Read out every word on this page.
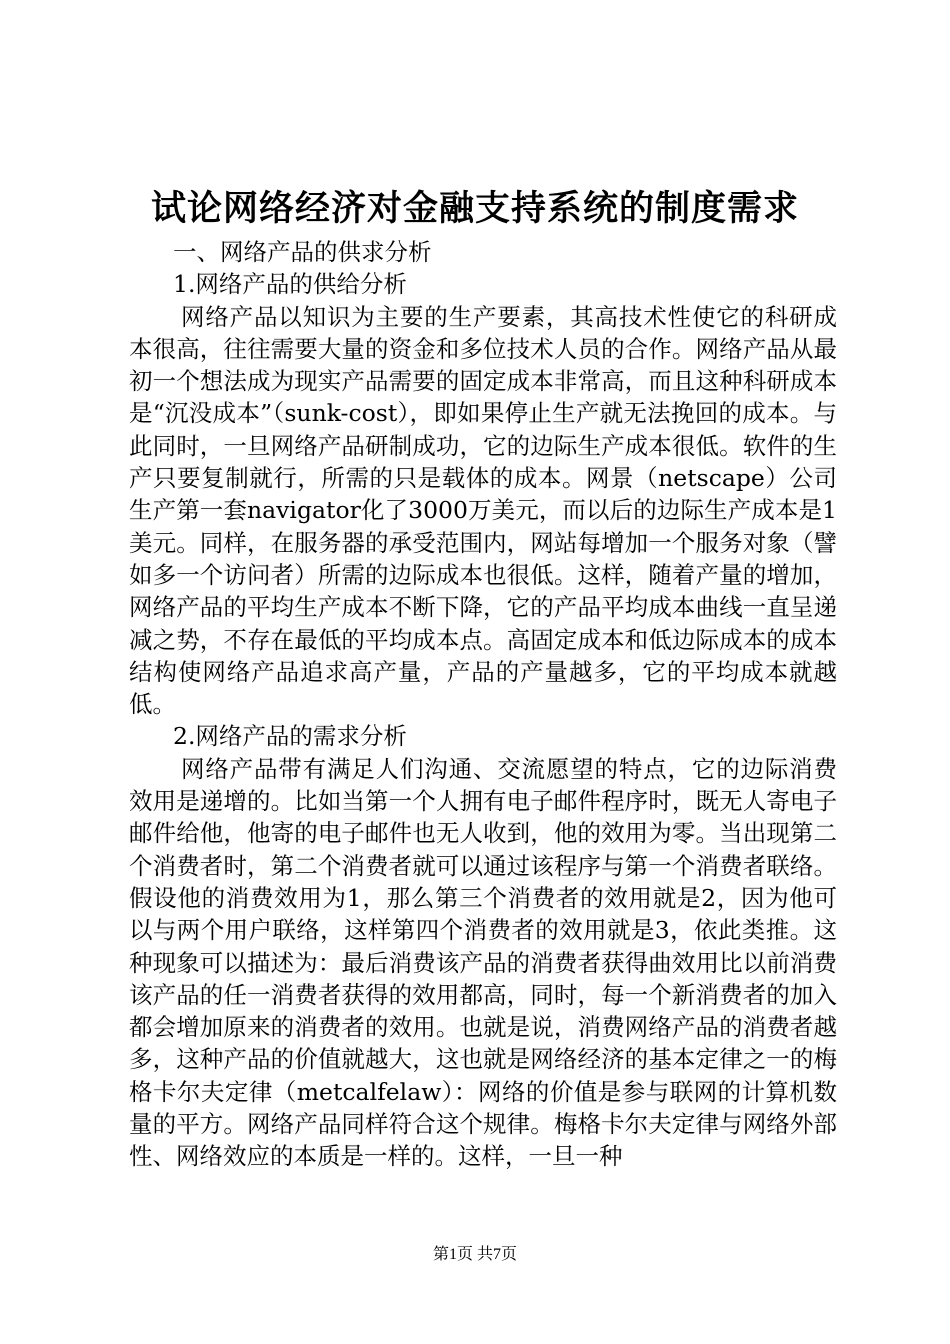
试论网络经济对金融支持系统的制度需求

一、网络产品的供求分析

1.网络产品的供给分析

网络产品以知识为主要的生产要素，其高技术性使它的科研成本很高，往往需要大量的资金和多位技术人员的合作。网络产品从最初一个想法成为现实产品需要的固定成本非常高，而且这种科研成本是“沉没成本”（sunk-cost），即如果停止生产就无法挽回的成本。与此同时，一旦网络产品研制成功，它的边际生产成本很低。软件的生产只要复制就行，所需的只是载体的成本。网景（netscape）公司生产第一套navigator化了3000万美元，而以后的边际生产成本是1美元。同样，在服务器的承受范围内，网站每增加一个服务对象（譬如多一个访问者）所需的边际成本也很低。这样，随着产量的增加，网络产品的平均生产成本不断下降，它的产品平均成本曲线一直呈递减之势，不存在最低的平均成本点。高固定成本和低边际成本的成本结构使网络产品追求高产量，产品的产量越多，它的平均成本就越低。

2.网络产品的需求分析

网络产品带有满足人们沟通、交流愿望的特点，它的边际消费效用是递增的。比如当第一个人拥有电子邮件程序时，既无人寄电子邮件给他，他寄的电子邮件也无人收到，他的效用为零。当出现第二个消费者时，第二个消费者就可以通过该程序与第一个消费者联络。假设他的消费效用为1，那么第三个消费者的效用就是2，因为他可以与两个用户联络，这样第四个消费者的效用就是3，依此类推。这种现象可以描述为：最后消费该产品的消费者获得曲效用比以前消费该产品的任一消费者获得的效用都高，同时，每一个新消费者的加入都会增加原来的消费者的效用。也就是说，消费网络产品的消费者越多，这种产品的价值就越大，这也就是网络经济的基本定律之一的梅格卡尔夫定律（metcalfelaw）：网络的价值是参与联网的计算机数量的平方。网络产品同样符合这个规律。梅格卡尔夫定律与网络外部性、网络效应的本质是一样的。这样，一旦一种

第1页 共7页
